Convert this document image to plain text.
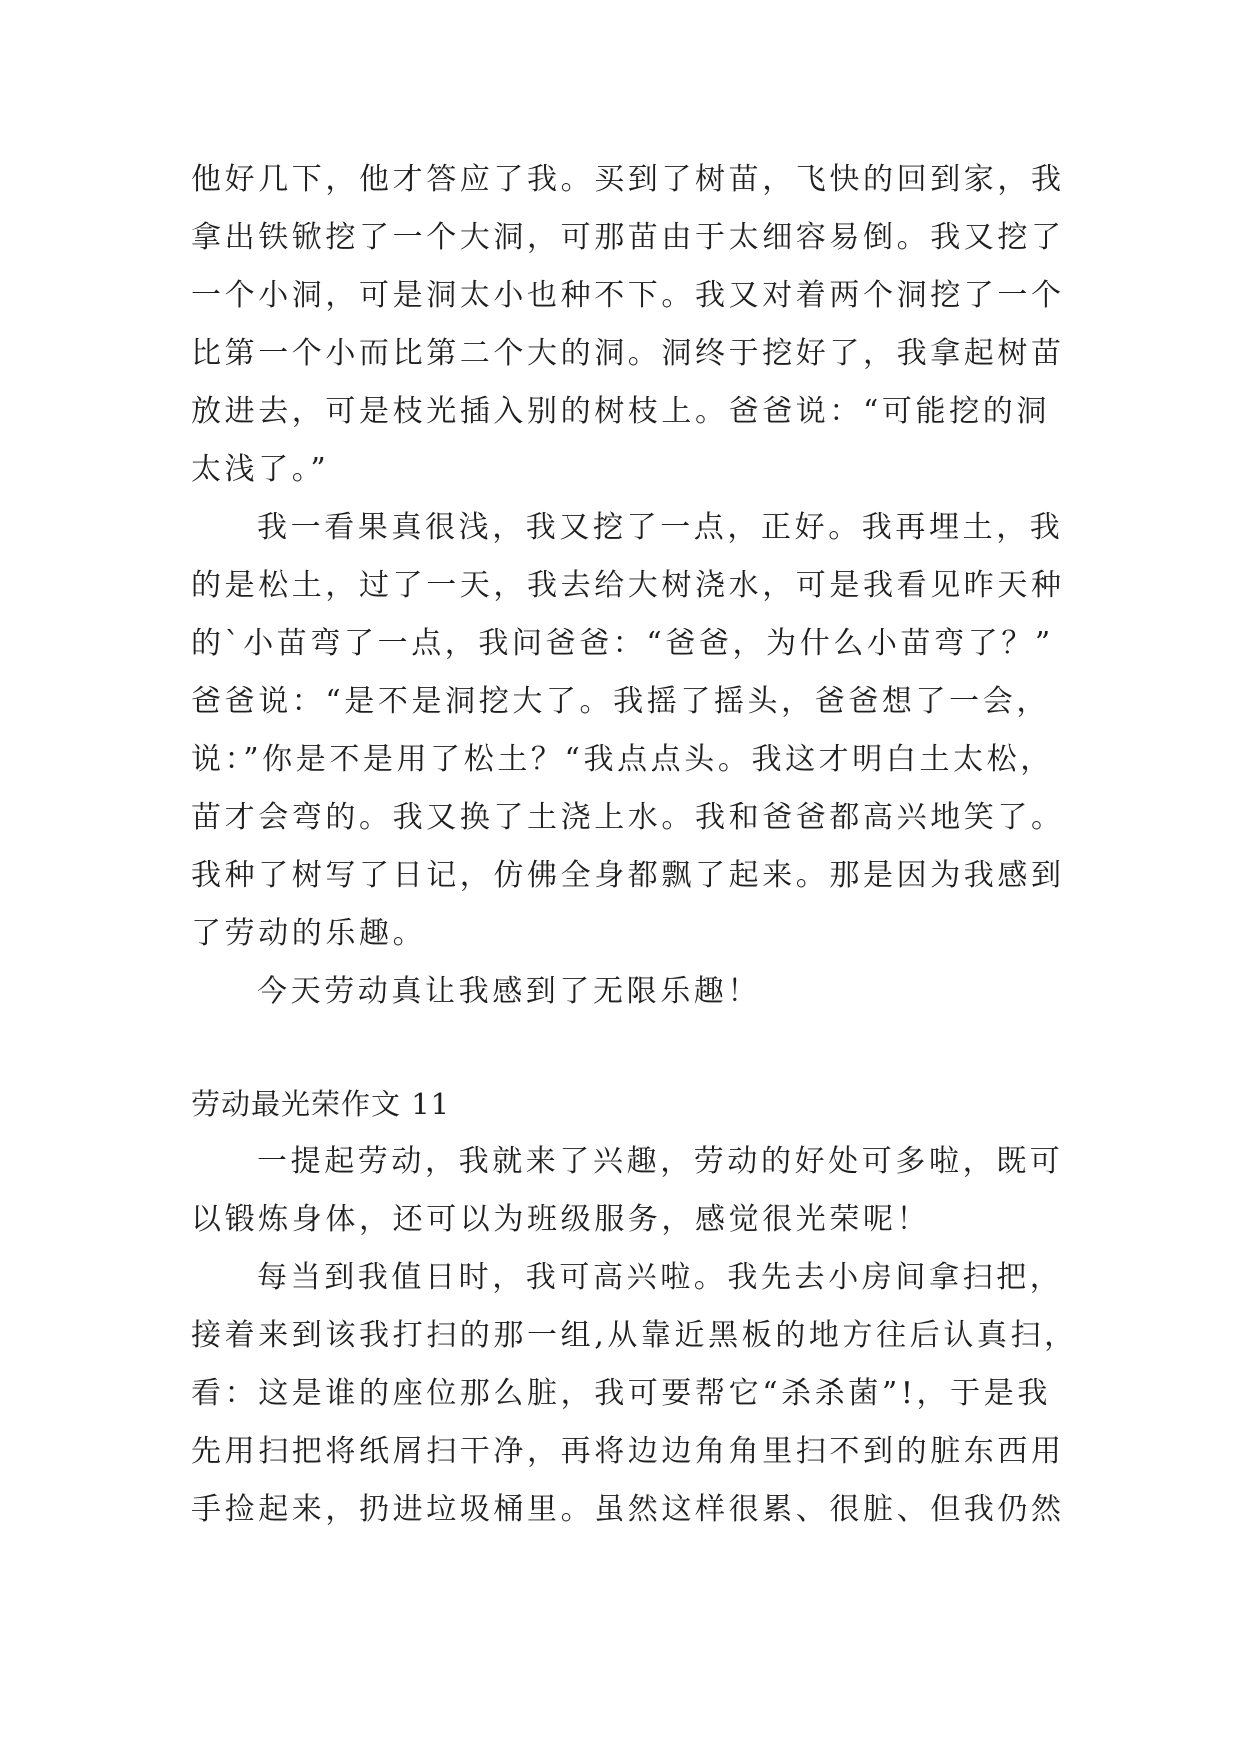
他好几下，他才答应了我。买到了树苗，飞快的回到家，我
拿出铁锨挖了一个大洞，可那苗由于太细容易倒。我又挖了
一个小洞，可是洞太小也种不下。我又对着两个洞挖了一个
比第一个小而比第二个大的洞。洞终于挖好了，我拿起树苗
放进去，可是枝光插入别的树枝上。爸爸说：“可能挖的洞
太浅了。”
我一看果真很浅，我又挖了一点，正好。我再埋土，我
的是松土，过了一天，我去给大树浇水，可是我看见昨天种
的`小苗弯了一点，我问爸爸：“爸爸，为什么小苗弯了？”
爸爸说：“是不是洞挖大了。我摇了摇头，爸爸想了一会，
说：”你是不是用了松土？“我点点头。我这才明白土太松，
苗才会弯的。我又换了土浇上水。我和爸爸都高兴地笑了。
我种了树写了日记，仿佛全身都飘了起来。那是因为我感到
了劳动的乐趣。
今天劳动真让我感到了无限乐趣！
劳动最光荣作文 11
一提起劳动，我就来了兴趣，劳动的好处可多啦，既可
以锻炼身体，还可以为班级服务，感觉很光荣呢！
每当到我值日时，我可高兴啦。我先去小房间拿扫把，
接着来到该我打扫的那一组,从靠近黑板的地方往后认真扫，
看：这是谁的座位那么脏，我可要帮它“杀杀菌”!，于是我
先用扫把将纸屑扫干净，再将边边角角里扫不到的脏东西用
手捡起来，扔进垃圾桶里。虽然这样很累、很脏、但我仍然
